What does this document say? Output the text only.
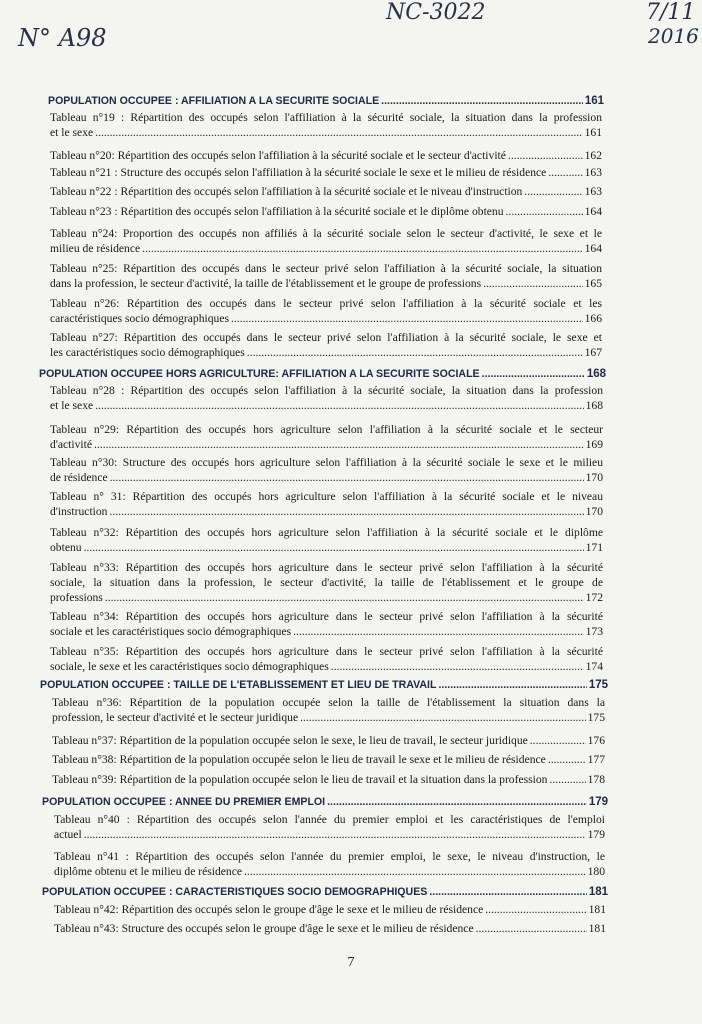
NC-3022
N° A98
7/11
2016
POPULATION OCCUPEE : AFFILIATION A LA SECURITE SOCIALE .....	161
Tableau n°19 : Répartition des occupés selon l'affiliation à la sécurité sociale, la situation dans la profession
et le sexe .....	161
Tableau n°20: Répartition des occupés selon l'affiliation à la sécurité sociale et le secteur d'activité .....	162
Tableau n°21 : Structure des occupés selon l'affiliation à la sécurité sociale le sexe et le milieu de résidence .....	163
Tableau n°22 : Répartition des occupés selon l'affiliation à la sécurité sociale et le niveau d'instruction .....	163
Tableau n°23 : Répartition des occupés selon l'affiliation à la sécurité sociale et le diplôme obtenu .....	164
Tableau n°24: Proportion des occupés non affiliés à la sécurité sociale selon le secteur d'activité, le sexe et le
milieu de résidence .....	164
Tableau n°25: Répartition des occupés dans le secteur privé selon l'affiliation à la sécurité sociale, la situation
dans la profession, le secteur d'activité, la taille de l'établissement et le groupe de professions .....	165
Tableau n°26: Répartition des occupés dans le secteur privé selon l'affiliation à la sécurité sociale et les
caractéristiques socio démographiques .....	166
Tableau n°27: Répartition des occupés dans le secteur privé selon l'affiliation à la sécurité sociale, le sexe et
les caractéristiques socio démographiques .....	167
POPULATION OCCUPEE HORS AGRICULTURE: AFFILIATION A LA SECURITE SOCIALE .....	168
Tableau n°28 : Répartition des occupés selon l'affiliation à la sécurité sociale, la situation dans la profession
et le sexe .....	168
Tableau n°29: Répartition des occupés hors agriculture selon l'affiliation à la sécurité sociale et le secteur
d'activité .....	169
Tableau n°30: Structure des occupés hors agriculture selon l'affiliation à la sécurité sociale le sexe et le milieu
de résidence .....	170
Tableau n° 31: Répartition des occupés hors agriculture selon l'affiliation à la sécurité sociale et le niveau
d'instruction .....	170
Tableau n°32: Répartition des occupés hors agriculture selon l'affiliation à la sécurité sociale et le diplôme
obtenu .....	171
Tableau n°33: Répartition des occupés hors agriculture dans le secteur privé selon l'affiliation à la sécurité
sociale, la situation dans la profession, le secteur d'activité, la taille de l'établissement et le groupe de
professions .....	172
Tableau n°34: Répartition des occupés hors agriculture dans le secteur privé selon l'affiliation à la sécurité
sociale et les caractéristiques socio démographiques .....	173
Tableau n°35: Répartition des occupés hors agriculture dans le secteur privé selon l'affiliation à la sécurité
sociale, le sexe et les caractéristiques socio démographiques .....	174
POPULATION OCCUPEE : TAILLE DE L'ETABLISSEMENT ET LIEU DE TRAVAIL .....	175
Tableau n°36: Répartition de la population occupée selon la taille de l'établissement la situation dans la
profession, le secteur d'activité et le secteur juridique .....	175
Tableau n°37: Répartition de la population occupée selon le sexe, le lieu de travail, le secteur juridique .....	176
Tableau n°38: Répartition de la population occupée selon le lieu de travail le sexe et le milieu de résidence .....	177
Tableau n°39: Répartition de la population occupée selon le lieu de travail et la situation dans la profession .....	178
POPULATION OCCUPEE : ANNEE DU PREMIER EMPLOI .....	179
Tableau n°40 : Répartition des occupés selon l'année du premier emploi et les caractéristiques de l'emploi
actuel .....	179
Tableau n°41 : Répartition des occupés selon l'année du premier emploi, le sexe, le niveau d'instruction, le
diplôme obtenu et le milieu de résidence .....	180
POPULATION OCCUPEE : CARACTERISTIQUES SOCIO DEMOGRAPHIQUES .....	181
Tableau n°42: Répartition des occupés selon le groupe d'âge le sexe et le milieu de résidence .....	181
Tableau n°43: Structure des occupés selon le groupe d'âge le sexe et le milieu de résidence .....	181
7
